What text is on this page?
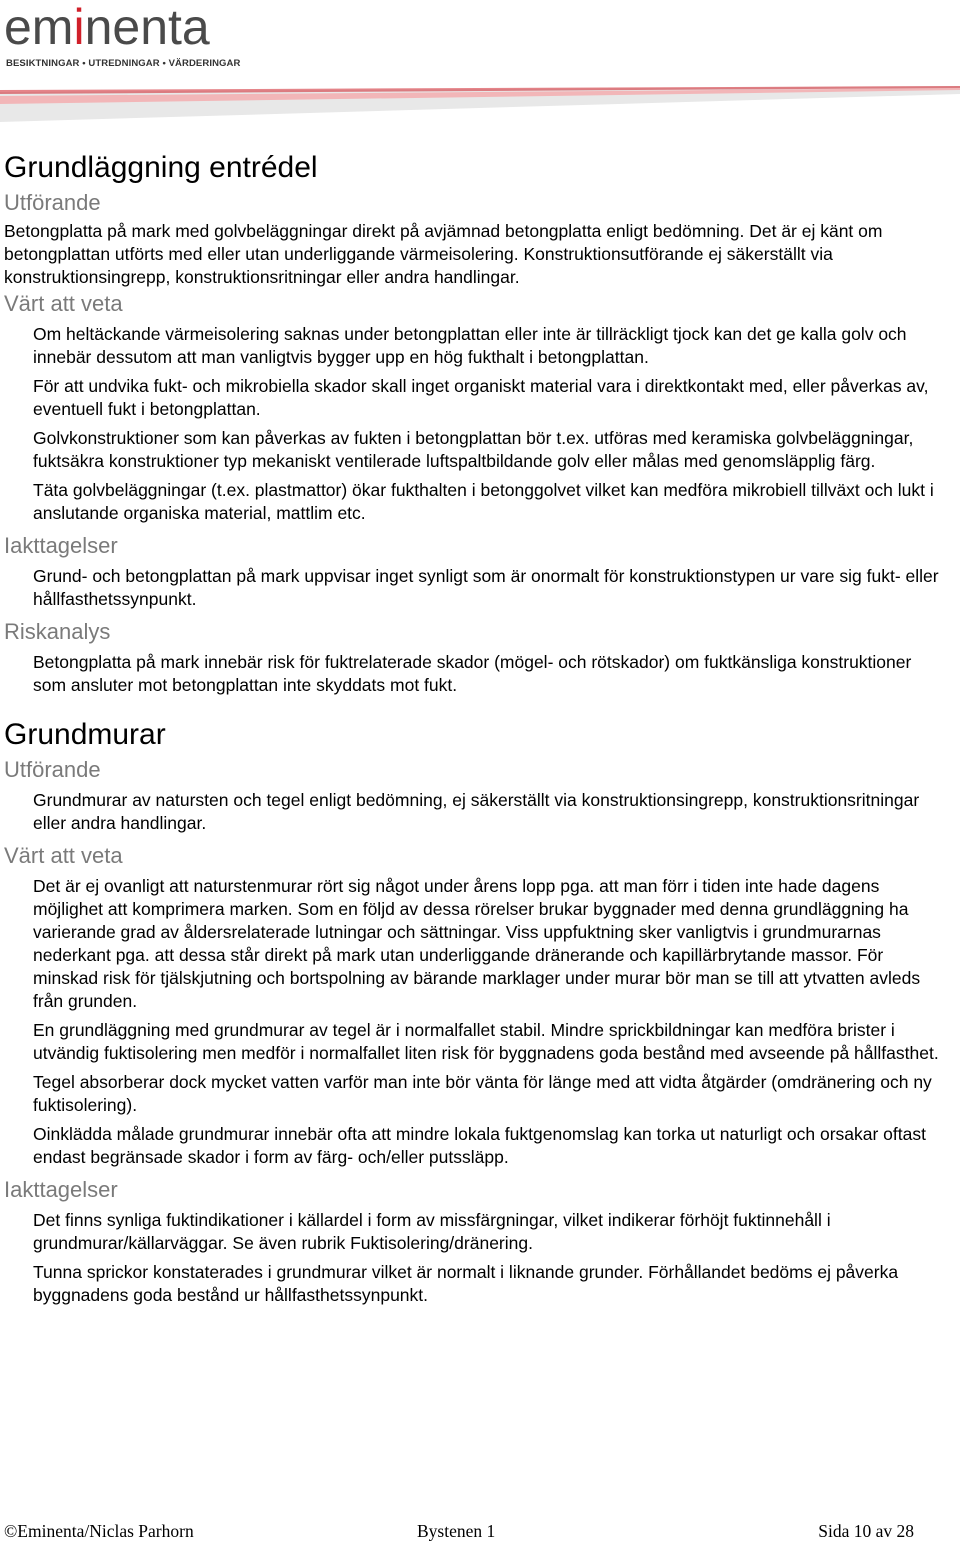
eminenta
BESIKTNINGAR • UTREDNINGAR • VÄRDERINGAR
Grundläggning entrédel
Utförande

Betongplatta på mark med golvbeläggningar direkt på avjämnad betongplatta enligt bedömning. Det är ej känt om betongplattan utförts med eller utan underliggande värmeisolering. Konstruktionsutförande ej säkerställt via konstruktionsingrepp, konstruktionsritningar eller andra handlingar.

Värt att veta

Om heltäckande värmeisolering saknas under betongplattan eller inte är tillräckligt tjock kan det ge kalla golv och innebär dessutom att man vanligtvis bygger upp en hög fukthalt i betongplattan.

För att undvika fukt- och mikrobiella skador skall inget organiskt material vara i direktkontakt med, eller påverkas av, eventuell fukt i betongplattan.

Golvkonstruktioner som kan påverkas av fukten i betongplattan bör t.ex. utföras med keramiska golvbeläggningar, fuktsäkra konstruktioner typ mekaniskt ventilerade luftspaltbildande golv eller målas med genomsläpplig färg.

Täta golvbeläggningar (t.ex. plastmattor) ökar fukthalten i betonggolvet vilket kan medföra mikrobiell tillväxt och lukt i anslutande organiska material, mattlim etc.

Iakttagelser

Grund- och betongplattan på mark uppvisar inget synligt som är onormalt för konstruktionstypen ur vare sig fukt- eller hållfasthetssynpunkt.

Riskanalys

Betongplatta på mark innebär risk för fuktrelaterade skador (mögel- och rötskador) om fuktkänsliga konstruktioner som ansluter mot betongplattan inte skyddats mot fukt.

Grundmurar
Utförande

Grundmurar av natursten och tegel enligt bedömning, ej säkerställt via konstruktionsingrepp, konstruktionsritningar eller andra handlingar.

Värt att veta

Det är ej ovanligt att naturstenmurar rört sig något under årens lopp pga. att man förr i tiden inte hade dagens möjlighet att komprimera marken. Som en följd av dessa rörelser brukar byggnader med denna grundläggning ha varierande grad av åldersrelaterade lutningar och sättningar. Viss uppfuktning sker vanligtvis i grundmurarnas nederkant pga. att dessa står direkt på mark utan underliggande dränerande och kapillärbrytande massor. För minskad risk för tjälskjutning och bortspolning av bärande marklager under murar bör man se till att ytvatten avleds från grunden.

En grundläggning med grundmurar av tegel är i normalfallet stabil. Mindre sprickbildningar kan medföra brister i utvändig fuktisolering men medför i normalfallet liten risk för byggnadens goda bestånd med avseende på hållfasthet.

Tegel absorberar dock mycket vatten varför man inte bör vänta för länge med att vidta åtgärder (omdränering och ny fuktisolering).

Oinklädda målade grundmurar innebär ofta att mindre lokala fuktgenomslag kan torka ut naturligt och orsakar oftast endast begränsade skador i form av färg- och/eller putssläpp.

Iakttagelser

Det finns synliga fuktindikationer i källardel i form av missfärgningar, vilket indikerar förhöjt fuktinnehåll i grundmurar/källarväggar. Se även rubrik Fuktisolering/dränering.

Tunna sprickor konstaterades i grundmurar vilket är normalt i liknande grunder. Förhållandet bedöms ej påverka byggnadens goda bestånd ur hållfasthetssynpunkt.

©Eminenta/Niclas Parhorn	Bystenen 1	Sida 10 av 28
